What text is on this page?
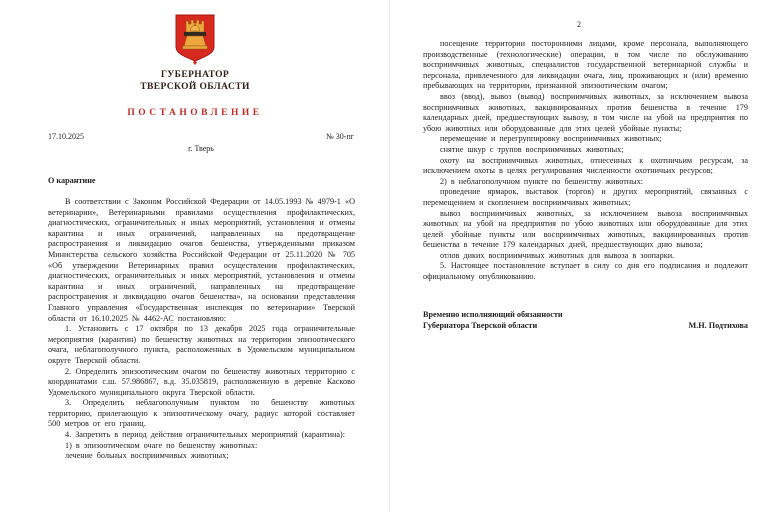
ГУБЕРНАТОР
ТВЕРСКОЙ ОБЛАСТИ
ПОСТАНОВЛЕНИЕ
17.10.2025	№ 30-пг
г. Тверь
О карантине

В соответствии с Законом Российской Федерации от 14.05.1993 № 4979-1 «О ветеринарии», Ветеринарными правилами осуществления профилактических, диагностических, ограничительных и иных мероприятий, установления и отмены карантина и иных ограничений, направленных на предотвращение распространения и ликвидацию очагов бешенства, утвержденными приказом Министерства сельского хозяйства Российской Федерации от 25.11.2020 № 705 «Об утверждении Ветеринарных правил осуществления профилактических, диагностических, ограничительных и иных мероприятий, установления и отмены карантина и иных ограничений, направленных на предотвращение распространения и ликвидацию очагов бешенства», на основании представления Главного управления «Государственная инспекция по ветеринарии» Тверской области от 16.10.2025 № 4462-АС постановляю:

1. Установить с 17 октября по 13 декабря 2025 года ограничительные мероприятия (карантин) по бешенству животных на территории эпизоотического очага, неблагополучного пункта, расположенных в Удомельском муниципальном округе Тверской области.

2. Определить эпизоотическим очагом по бешенству животных территорию с координатами с.ш. 57.986867, в.д. 35.035819, расположенную в деревне Касково Удомельского муниципального округа Тверской области.

3. Определить неблагополучным пунктом по бешенству животных территорию, прилегающую к эпизоотическому очагу, радиус которой составляет 500 метров от его границ.

4. Запретить в период действия ограничительных мероприятий (карантина):

1) в эпизоотическом очаге по бешенству животных:

лечение больных восприимчивых животных;

2

посещение территории посторонними лицами, кроме персонала, выполняющего производственные (технологические) операции, в том числе по обслуживанию восприимчивых животных, специалистов государственной ветеринарной службы и персонала, привлеченного для ликвидации очага, лиц, проживающих и (или) временно пребывающих на территории, признанной эпизоотическим очагом;

ввоз (ввод), вывоз (вывод) восприимчивых животных, за исключением вывоза восприимчивых животных, вакцинированных против бешенства в течение 179 календарных дней, предшествующих вывозу, в том числе на убой на предприятия по убою животных или оборудованные для этих целей убойные пункты;

перемещение и перегруппировку восприимчивых животных;

снятие шкур с трупов восприимчивых животных;

охоту на восприимчивых животных, отнесенных к охотничьим ресурсам, за исключением охоты в целях регулирования численности охотничьих ресурсов;

2) в неблагополучном пункте по бешенству животных:

проведение ярмарок, выставок (торгов) и других мероприятий, связанных с перемещением и скоплением восприимчивых животных;

вывоз восприимчивых животных, за исключением вывоза восприимчивых животных на убой на предприятия по убою животных или оборудованные для этих целей убойные пункты или восприимчивых животных, вакцинированных против бешенства в течение 179 календарных дней, предшествующих дню вывоза;

отлов диких восприимчивых животных для вывоза в зоопарки.

5. Настоящее постановление вступает в силу со дня его подписания и подлежит официальному опубликованию.

Временно исполняющий обязанности
Губернатора Тверской области	М.Н. Подтихова
